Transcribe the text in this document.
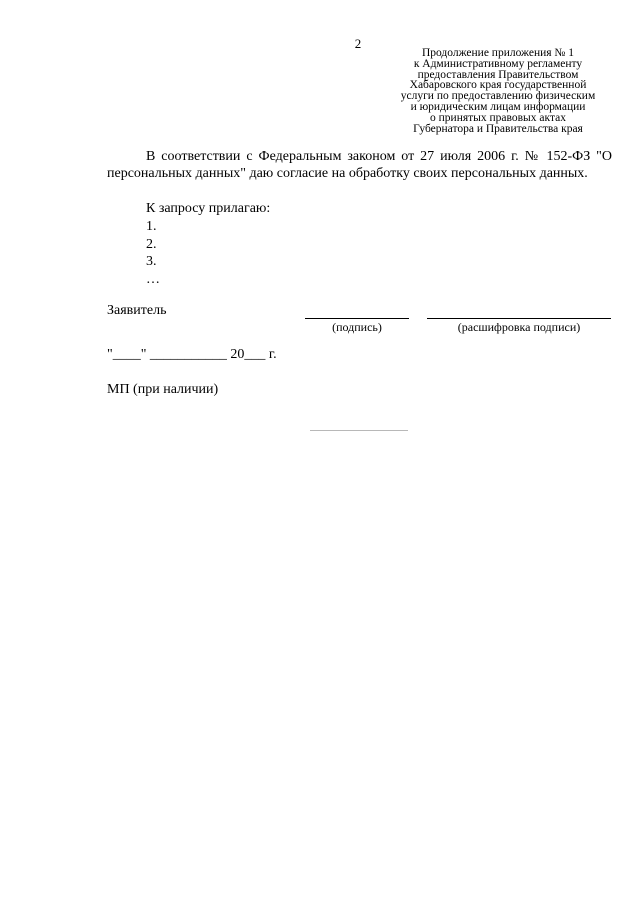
2
Продолжение приложения № 1
к Административному регламенту
предоставления Правительством
Хабаровского края государственной
услуги по предоставлению физическим
и юридическим лицам информации
о принятых правовых актах
Губернатора и Правительства края
В соответствии с Федеральным законом от 27 июля 2006 г. № 152-ФЗ "О персональных данных" даю согласие на обработку своих персональных данных.
К запросу прилагаю:
1.
2.
3.
…
Заявитель
(подпись)	(расшифровка подписи)
"____" ___________ 20___ г.
МП (при наличии)
